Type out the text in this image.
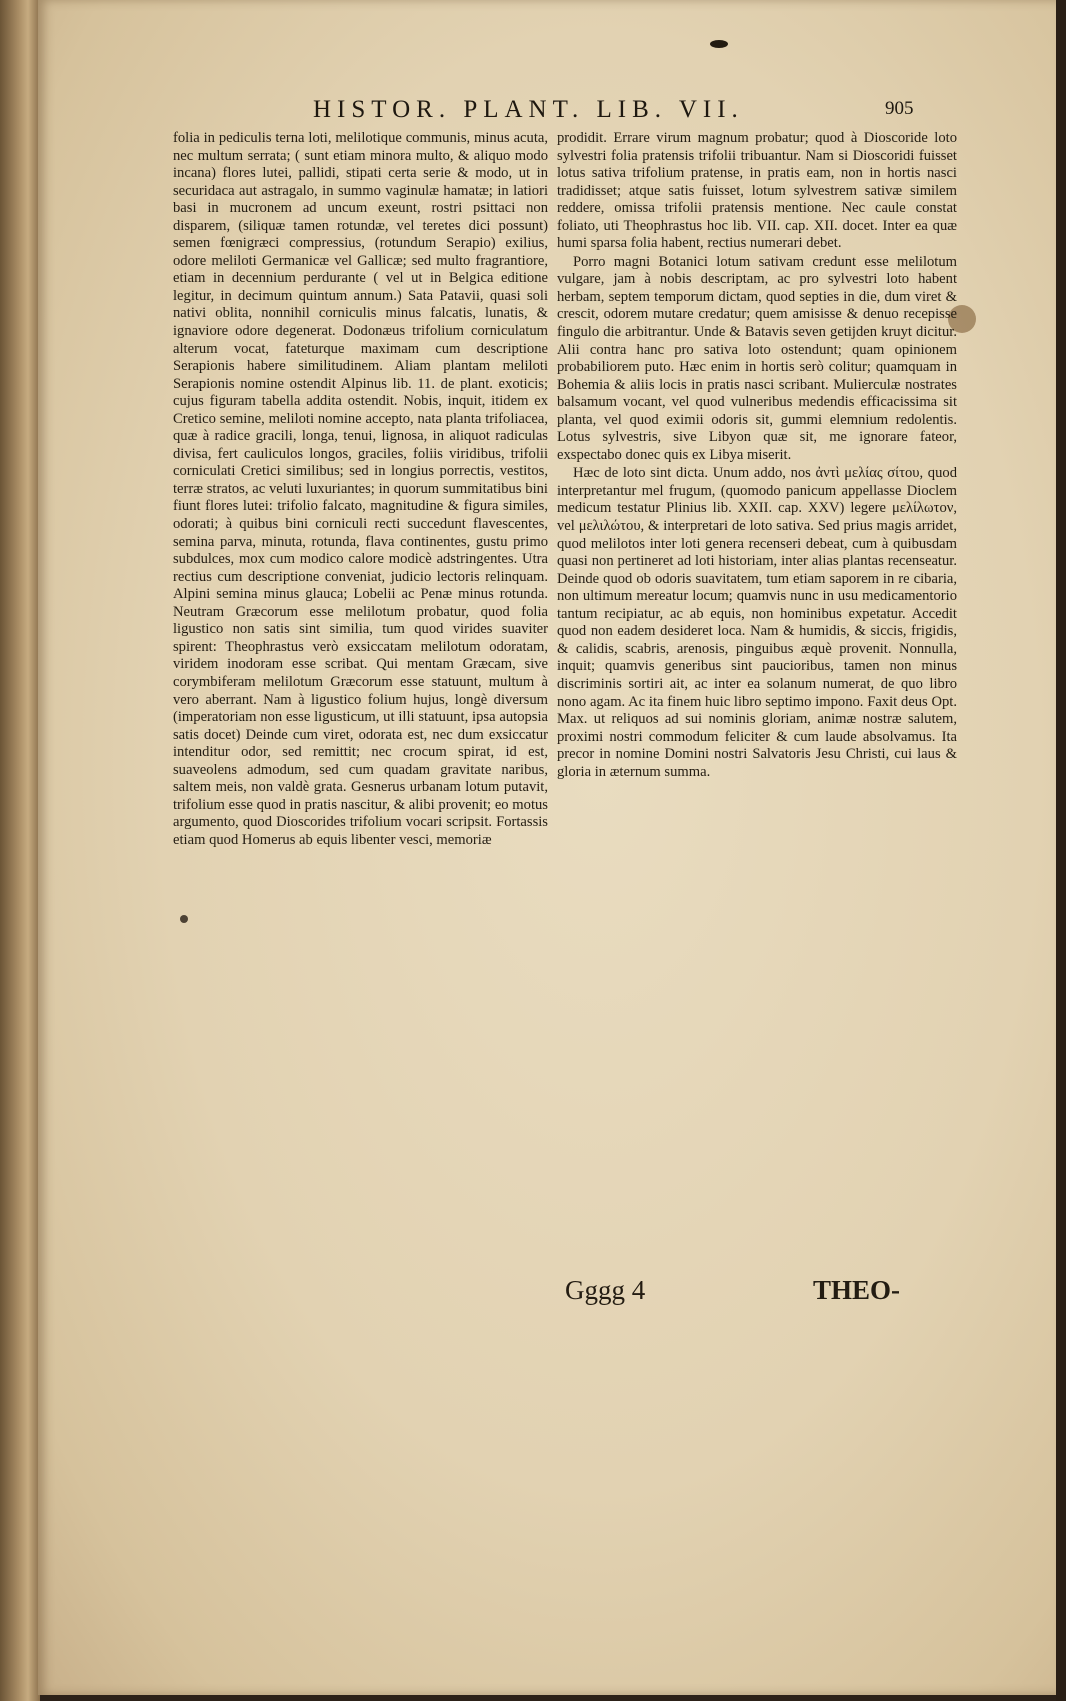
HISTOR. PLANT. LIB. VII.	905

folia in pediculis terna loti, melilotique communis, minus acuta, nec multum serrata; ( sunt etiam minora multo, & aliquo modo incana) flores lutei, pallidi, stipati certa serie & modo, ut in securidaca aut astragalo, in summo vaginulæ hamatæ; in latiori basi in mucronem ad uncum exeunt, rostri psittaci non disparem, (siliquæ tamen rotundæ, vel teretes dici possunt) semen fœnigræci compressius, (rotundum Serapio) exilius, odore meliloti Germanicæ vel Gallicæ; sed multo fragrantiore, etiam in decennium perdurante ( vel ut in Belgica editione legitur, in decimum quintum annum.) Sata Patavii, quasi soli nativi oblita, nonnihil corniculis minus falcatis, lunatis, & ignaviore odore degenerat. Dodonæus trifolium corniculatum alterum vocat, fateturque maximam cum descriptione Serapionis habere similitudinem. Aliam plantam meliloti Serapionis nomine ostendit Alpinus lib. 11. de plant. exoticis; cujus figuram tabella addita ostendit. Nobis, inquit, itidem ex Cretico semine, meliloti nomine accepto, nata planta trifoliacea, quæ à radice gracili, longa, tenui, lignosa, in aliquot radiculas divisa, fert cauliculos longos, graciles, foliis viridibus, trifolii corniculati Cretici similibus; sed in longius porrectis, vestitos, terræ stratos, ac veluti luxuriantes; in quorum summitatibus bini fiunt flores lutei: trifolio falcato, magnitudine & figura similes, odorati; à quibus bini corniculi recti succedunt flavescentes, semina parva, minuta, rotunda, flava continentes, gustu primo subdulces, mox cum modico calore modicè adstringentes. Utra rectius cum descriptione conveniat, judicio lectoris relinquam. Alpini semina minus glauca; Lobelii ac Penæ minus rotunda. Neutram Græcorum esse melilotum probatur, quod folia ligustico non satis sint similia, tum quod virides suaviter spirent: Theophrastus verò exsiccatam melilotum odoratam, viridem inodoram esse scribat. Qui mentam Græcam, sive corymbiferam melilotum Græcorum esse statuunt, multum à vero aberrant. Nam à ligustico folium hujus, longè diversum (imperatoriam non esse ligusticum, ut illi statuunt, ipsa autopsia satis docet) Deinde cum viret, odorata est, nec dum exsiccatur intenditur odor, sed remittit; nec crocum spirat, id est, suaveolens admodum, sed cum quadam gravitate naribus, saltem meis, non valdè grata. Gesnerus urbanam lotum putavit, trifolium esse quod in pratis nascitur, & alibi provenit; eo motus argumento, quod Dioscorides trifolium vocari scripsit. Fortassis etiam quod Homerus ab equis libenter vesci, memoriæ

prodidit. Errare virum magnum probatur; quod à Dioscoride loto sylvestri folia pratensis trifolii tribuantur. Nam si Dioscoridi fuisset lotus sativa trifolium pratense, in pratis eam, non in hortis nasci tradidisset; atque satis fuisset, lotum sylvestrem sativæ similem reddere, omissa trifolii pratensis mentione. Nec caule constat foliato, uti Theophrastus hoc lib. VII. cap. XII. docet. Inter ea quæ humi sparsa folia habent, rectius numerari debet.

Porro magni Botanici lotum sativam credunt esse melilotum vulgare, jam à nobis descriptam, ac pro sylvestri loto habent herbam, septem temporum dictam, quod septies in die, dum viret & crescit, odorem mutare credatur; quem amisisse & denuo recepisse fingulo die arbitrantur. Unde & Batavis seven getijden kruyt dicitur. Alii contra hanc pro sativa loto ostendunt; quam opinionem probabiliorem puto. Hæc enim in hortis serò colitur; quamquam in Bohemia & aliis locis in pratis nasci scribant. Mulierculæ nostrates balsamum vocant, vel quod vulneribus medendis efficacissima sit planta, vel quod eximii odoris sit, gummi elemnium redolentis. Lotus sylvestris, sive Libyon quæ sit, me ignorare fateor, exspectabo donec quis ex Libya miserit.

Hæc de loto sint dicta. Unum addo, nos ἀντὶ μελίας σίτου, quod interpretantur mel frugum, (quomodo panicum appellasse Dioclem medicum testatur Plinius lib. XXII. cap. XXV) legere μελίλωτον, vel μελιλώτου, & interpretari de loto sativa. Sed prius magis arridet, quod melilotos inter loti genera recenseri debeat, cum à quibusdam quasi non pertineret ad loti historiam, inter alias plantas recenseatur. Deinde quod ob odoris suavitatem, tum etiam saporem in re cibaria, non ultimum mereatur locum; quamvis nunc in usu medicamentorio tantum recipiatur, ac ab equis, non hominibus expetatur. Accedit quod non eadem desideret loca. Nam & humidis, & siccis, frigidis, & calidis, scabris, arenosis, pinguibus æquè provenit. Nonnulla, inquit; quamvis generibus sint paucioribus, tamen non minus discriminis sortiri ait, ac inter ea solanum numerat, de quo libro nono agam. Ac ita finem huic libro septimo impono. Faxit deus Opt. Max. ut reliquos ad sui nominis gloriam, animæ nostræ salutem, proximi nostri commodum feliciter & cum laude absolvamus. Ita precor in nomine Domini nostri Salvatoris Jesu Christi, cui laus & gloria in æternum summa.

Gggg 4	THEO-
